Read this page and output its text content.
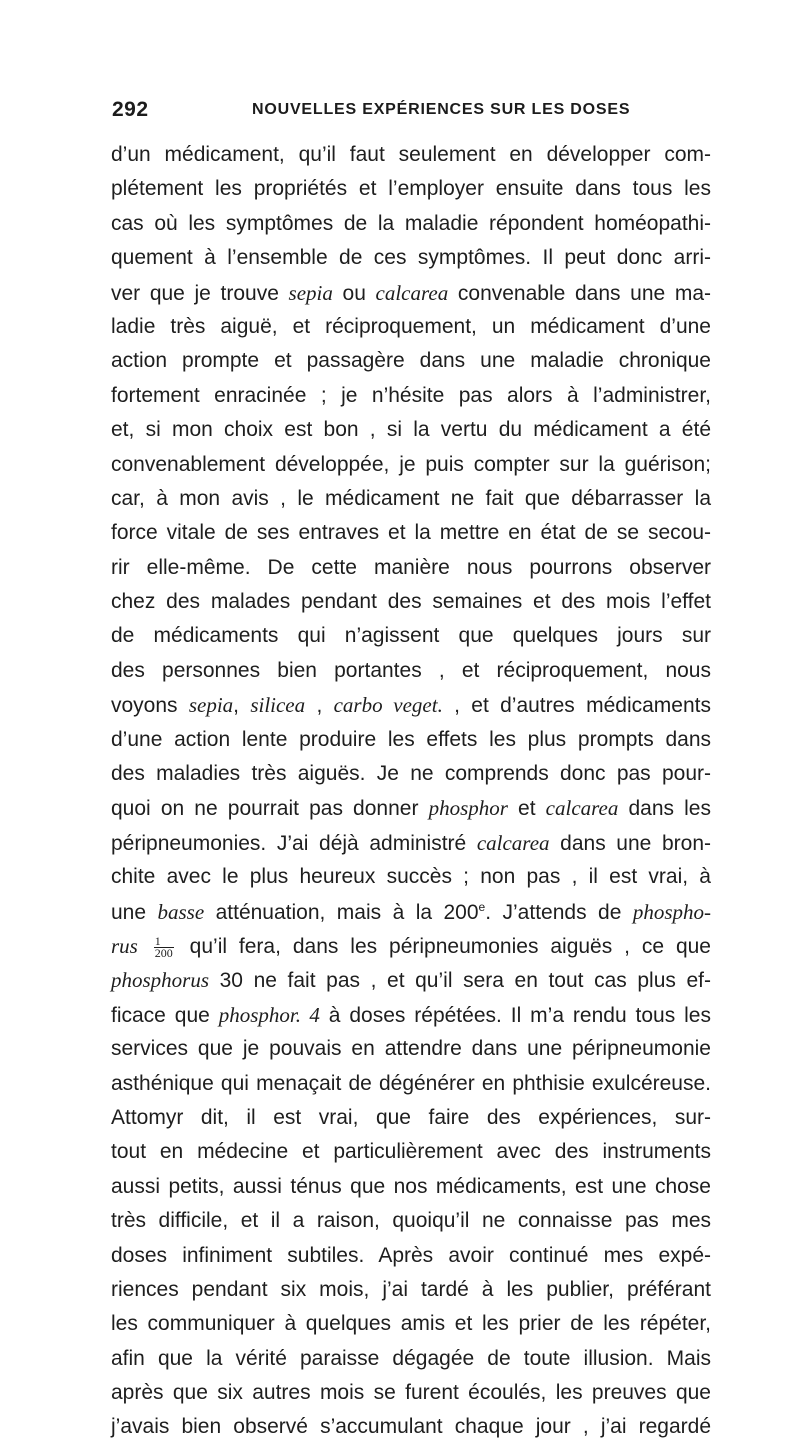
292	NOUVELLES EXPÉRIENCES SUR LES DOSES
d’un médicament, qu’il faut seulement en développer com-
plétement les propriétés et l’employer ensuite dans tous les
cas où les symptômes de la maladie répondent homéopathi-
quement à l’ensemble de ces symptômes. Il peut donc arri-
ver que je trouve sepia ou calcarea convenable dans une ma-
ladie très aiguë, et réciproquement, un médicament d’une
action prompte et passagère dans une maladie chronique
fortement enracinée ; je n’hésite pas alors à l’administrer,
et, si mon choix est bon , si la vertu du médicament a été
convenablement développée, je puis compter sur la guérison;
car, à mon avis , le médicament ne fait que débarrasser la
force vitale de ses entraves et la mettre en état de se secou-
rir elle-même. De cette manière nous pourrons observer
chez des malades pendant des semaines et des mois l’effet
de médicaments qui n’agissent que quelques jours sur
des personnes bien portantes , et réciproquement, nous
voyons sepia, silicea , carbo veget. , et d’autres médicaments
d’une action lente produire les effets les plus prompts dans
des maladies très aiguës. Je ne comprends donc pas pour-
quoi on ne pourrait pas donner phosphor et calcarea dans les
péripneumonies. J’ai déjà administré calcarea dans une bron-
chite avec le plus heureux succès ; non pas , il est vrai, à
une basse atténuation, mais à la 200e. J’attends de phospho-
rus $\frac{1}{200}$ qu’il fera, dans les péripneumonies aiguës , ce que
phosphorus 30 ne fait pas , et qu’il sera en tout cas plus ef-
ficace que phosphor. 4 à doses répétées. Il m’a rendu tous les
services que je pouvais en attendre dans une péripneumonie
asthénique qui menaçait de dégénérer en phthisie exulcéreuse.
Attomyr dit, il est vrai, que faire des expériences, sur-
tout en médecine et particulièrement avec des instruments
aussi petits, aussi ténus que nos médicaments, est une chose
très difficile, et il a raison, quoiqu’il ne connaisse pas mes
doses infiniment subtiles. Après avoir continué mes expé-
riences pendant six mois, j’ai tardé à les publier, préférant
les communiquer à quelques amis et les prier de les répéter,
afin que la vérité paraisse dégagée de toute illusion. Mais
après que six autres mois se furent écoulés, les preuves que
j’avais bien observé s’accumulant chaque jour , j’ai regardé
